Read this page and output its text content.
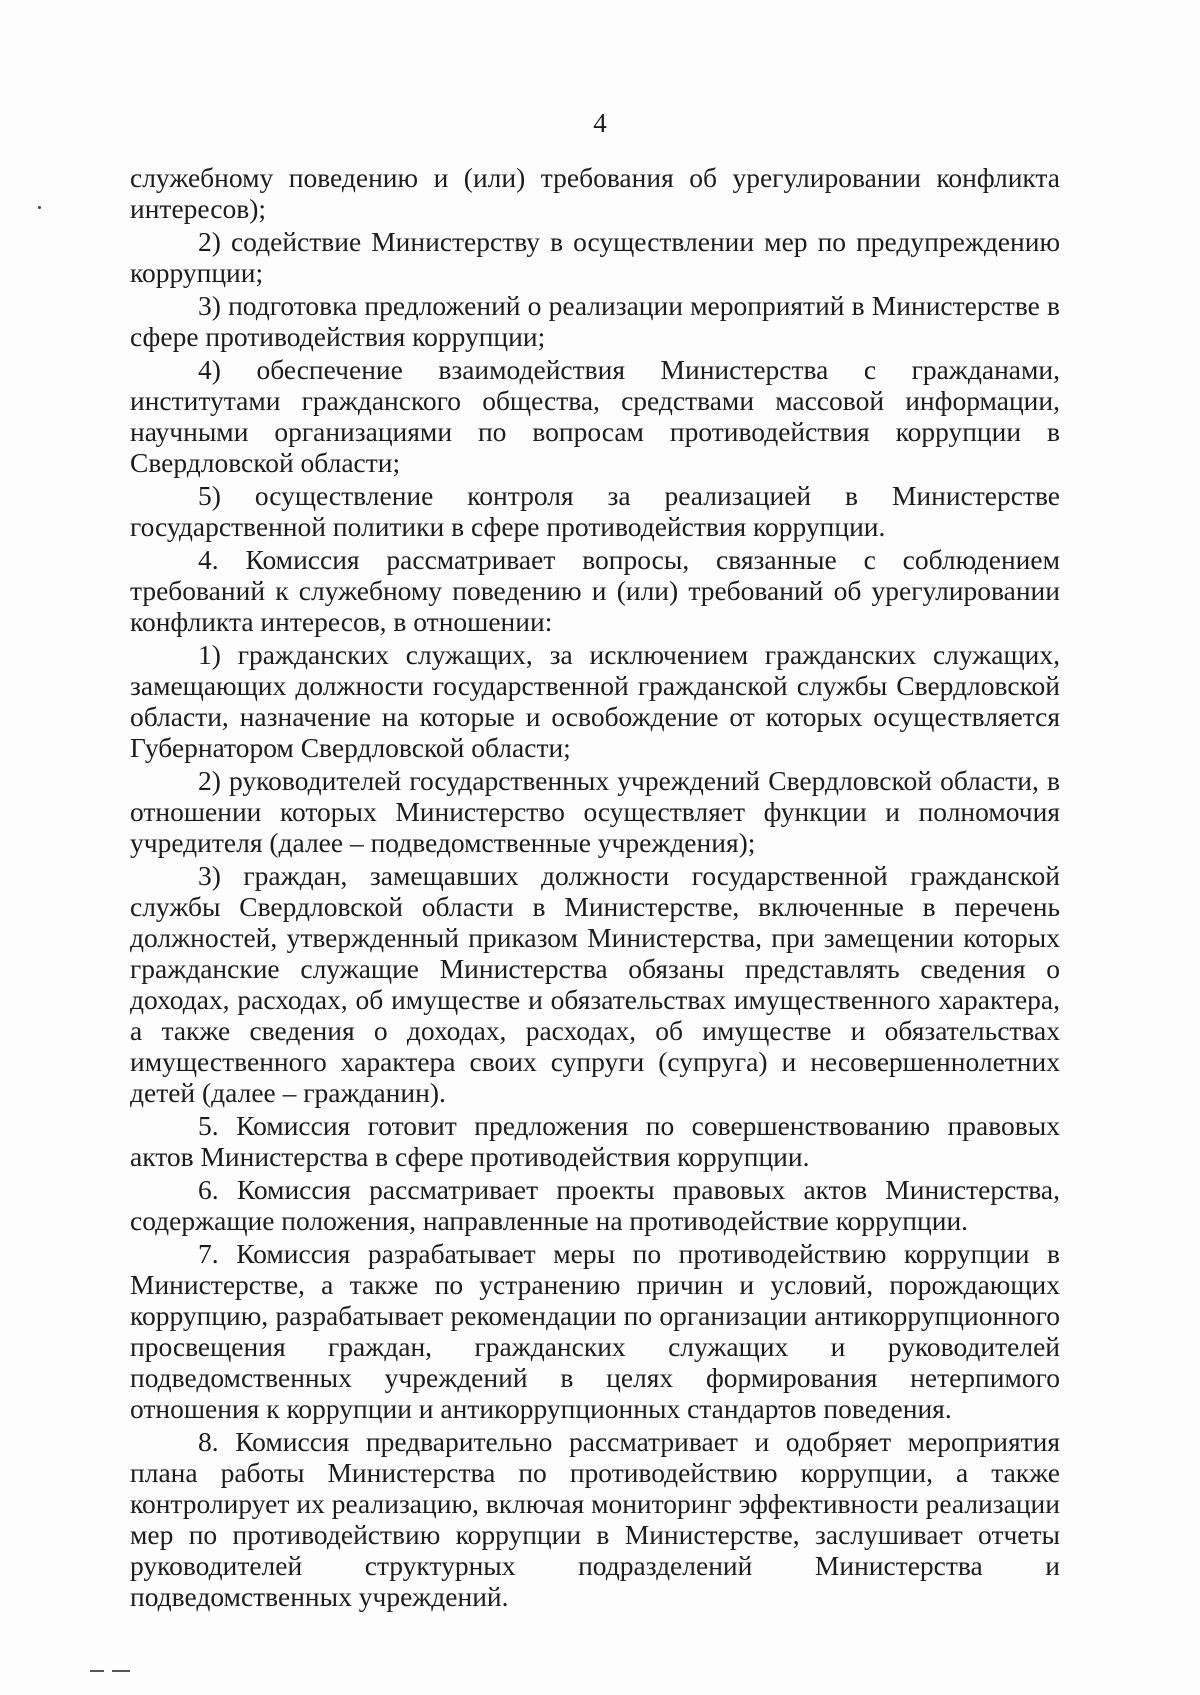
4

служебному поведению и (или) требования об урегулировании конфликта интересов);

2) содействие Министерству в осуществлении мер по предупреждению коррупции;

3) подготовка предложений о реализации мероприятий в Министерстве в сфере противодействия коррупции;

4) обеспечение взаимодействия Министерства с гражданами, институтами гражданского общества, средствами массовой информации, научными организациями по вопросам противодействия коррупции в Свердловской области;

5) осуществление контроля за реализацией в Министерстве государственной политики в сфере противодействия коррупции.

4. Комиссия рассматривает вопросы, связанные с соблюдением требований к служебному поведению и (или) требований об урегулировании конфликта интересов, в отношении:

1) гражданских служащих, за исключением гражданских служащих, замещающих должности государственной гражданской службы Свердловской области, назначение на которые и освобождение от которых осуществляется Губернатором Свердловской области;

2) руководителей государственных учреждений Свердловской области, в отношении которых Министерство осуществляет функции и полномочия учредителя (далее – подведомственные учреждения);

3) граждан, замещавших должности государственной гражданской службы Свердловской области в Министерстве, включенные в перечень должностей, утвержденный приказом Министерства, при замещении которых гражданские служащие Министерства обязаны представлять сведения о доходах, расходах, об имуществе и обязательствах имущественного характера, а также сведения о доходах, расходах, об имуществе и обязательствах имущественного характера своих супруги (супруга) и несовершеннолетних детей (далее – гражданин).

5. Комиссия готовит предложения по совершенствованию правовых актов Министерства в сфере противодействия коррупции.

6. Комиссия рассматривает проекты правовых актов Министерства, содержащие положения, направленные на противодействие коррупции.

7. Комиссия разрабатывает меры по противодействию коррупции в Министерстве, а также по устранению причин и условий, порождающих коррупцию, разрабатывает рекомендации по организации антикоррупционного просвещения граждан, гражданских служащих и руководителей подведомственных учреждений в целях формирования нетерпимого отношения к коррупции и антикоррупционных стандартов поведения.

8. Комиссия предварительно рассматривает и одобряет мероприятия плана работы Министерства по противодействию коррупции, а также контролирует их реализацию, включая мониторинг эффективности реализации мер по противодействию коррупции в Министерстве, заслушивает отчеты руководителей структурных подразделений Министерства и подведомственных учреждений.
